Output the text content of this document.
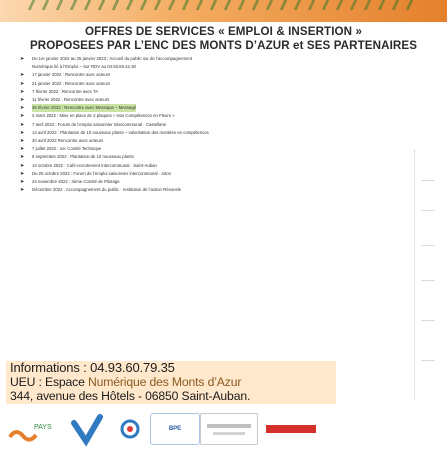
OFFRES DE SERVICES « EMPLOI & INSERTION »
PROPOSEES PAR L’ENC DES MONTS D’AZUR et SES PARTENAIRES
➤	Du 1er janvier 2022 au 25 janvier 2023 : Accueil du public sur de l’accompagnement
Numérique lié à l’Emploi – Sur RDV au 04.93.60.42.30
➤	17 janvier 2022 : Rencontre avec acteurs
➤	21 janvier 2022 : Rencontre avec acteurs
➤	7 février 2022 : Rencontre avec TA
➤	11 février 2022 : Rencontre avec acteurs
➤	25 février 2022 : Rencontre avec Messique – Messagé
➤	2 mars 2022 : Mise en place de 2 plaques « Nos Compétences en Fleurs »
➤	7 avril 2022 : Forum de l’emploi saisonnier intercommunal · Castellane
➤	14 avril 2022 : Plantation de 10 nouveaux plants – valorisation des montées en compétences
➤	20 avril 2022 Rencontre avec acteurs
➤	7 juillet 2022 : 1er Comité Technique
➤	9 septembre 2022 : Plantation de 10 nouveaux plants
➤	13 octobre 2022 : Café-recrutement intercommunal · Saint-Auban
➤	Du 25 octobre 2022 : Forum de l’emploi saisonnier intercommunal · Aiton
➤	24 novembre 2022 : 4ème Comité de Pilotage
➤	Décembre 2022 : Accompagnement du public · restitution de l’action Résonsle
Informations : 04.93.60.79.35
UEU : Espace Numérique des Monts d’Azur
344, avenue des Hôtels - 06850 Saint-Auban.
PAYS	BPE
